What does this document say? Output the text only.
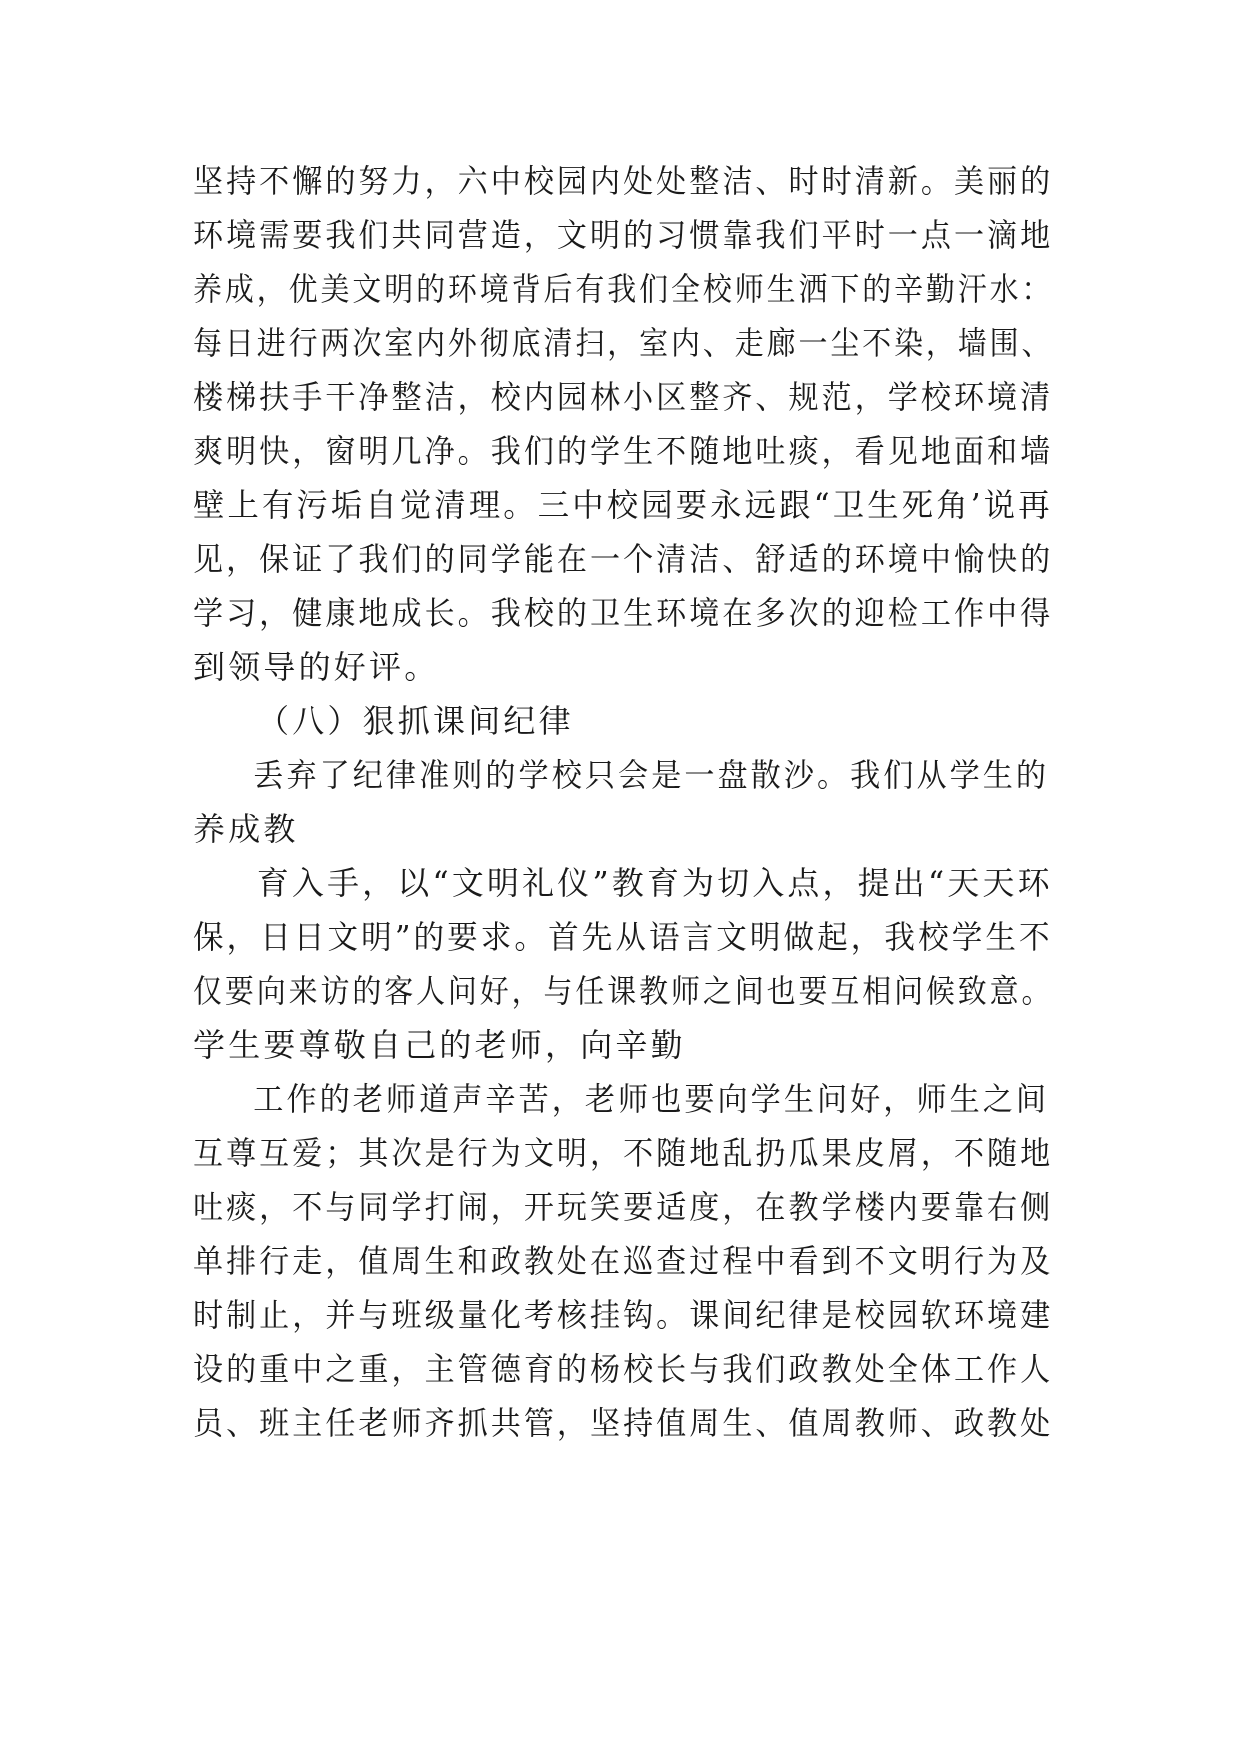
坚持不懈的努力，六中校园内处处整洁、时时清新。美丽的
环境需要我们共同营造，文明的习惯靠我们平时一点一滴地
养成，优美文明的环境背后有我们全校师生洒下的辛勤汗水：
每日进行两次室内外彻底清扫，室内、走廊一尘不染，墙围、
楼梯扶手干净整洁，校内园林小区整齐、规范，学校环境清
爽明快，窗明几净。我们的学生不随地吐痰，看见地面和墙
壁上有污垢自觉清理。三中校园要永远跟“卫生死角’说再
见，保证了我们的同学能在一个清洁、舒适的环境中愉快的
学习，健康地成长。我校的卫生环境在多次的迎检工作中得
到领导的好评。
（八）狠抓课间纪律
丢弃了纪律准则的学校只会是一盘散沙。我们从学生的
养成教
育入手，以“文明礼仪”教育为切入点，提出“天天环
保，日日文明”的要求。首先从语言文明做起，我校学生不
仅要向来访的客人问好，与任课教师之间也要互相问候致意。
学生要尊敬自己的老师，向辛勤
工作的老师道声辛苦，老师也要向学生问好，师生之间
互尊互爱；其次是行为文明，不随地乱扔瓜果皮屑，不随地
吐痰，不与同学打闹，开玩笑要适度，在教学楼内要靠右侧
单排行走，值周生和政教处在巡查过程中看到不文明行为及
时制止，并与班级量化考核挂钩。课间纪律是校园软环境建
设的重中之重，主管德育的杨校长与我们政教处全体工作人
员、班主任老师齐抓共管，坚持值周生、值周教师、政教处
